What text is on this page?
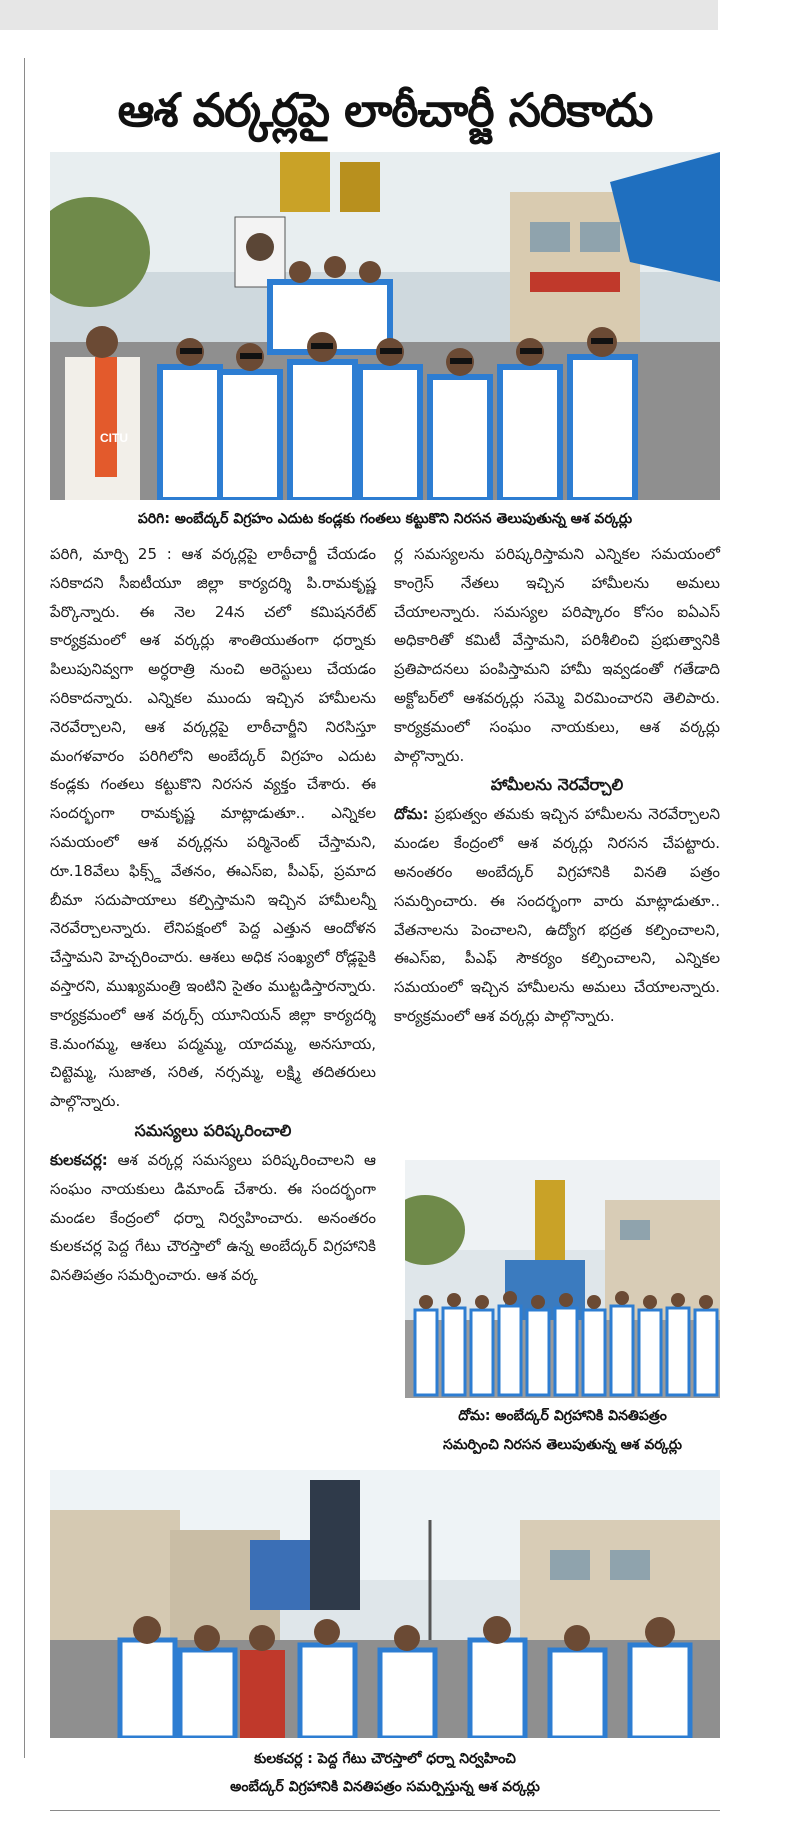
ఆశ వర్కర్లపై లాఠీచార్జీ సరికాదు
CITU
పరిగి: అంబేద్కర్ విగ్రహం ఎదుట కండ్లకు గంతలు కట్టుకొని నిరసన తెలుపుతున్న ఆశ వర్కర్లు

పరిగి, మార్చి 25 : ఆశ వర్కర్లపై లాఠీచార్జీ చేయడం సరికాదని సీఐటీయూ జిల్లా కార్యదర్శి పి.రామకృష్ణ పేర్కొన్నారు. ఈ నెల 24న చలో కమిషనరేట్ కార్యక్రమంలో ఆశ వర్కర్లు శాంతియుతంగా ధర్నాకు పిలుపునివ్వగా అర్ధరాత్రి నుంచి అరెస్టులు చేయడం సరికాదన్నారు. ఎన్నికల ముందు ఇచ్చిన హామీలను నెరవేర్చాలని, ఆశ వర్కర్లపై లాఠీచార్జీని నిరసిస్తూ మంగళవారం పరిగిలోని అంబేద్కర్ విగ్రహం ఎదుట కండ్లకు గంతలు కట్టుకొని నిరసన వ్యక్తం చేశారు. ఈ సందర్భంగా రామకృష్ణ మాట్లాడుతూ.. ఎన్నికల సమయంలో ఆశ వర్కర్లను పర్మినెంట్ చేస్తామని, రూ.18వేలు ఫిక్స్డ్ వేతనం, ఈఎస్ఐ, పీఎఫ్, ప్రమాద బీమా సదుపాయాలు కల్పిస్తామని ఇచ్చిన హామీలన్నీ నెరవేర్చాలన్నారు. లేనిపక్షంలో పెద్ద ఎత్తున ఆందోళన చేస్తామని హెచ్చరించారు. ఆశలు అధిక సంఖ్యలో రోడ్లపైకి వస్తారని, ముఖ్యమంత్రి ఇంటిని సైతం ముట్టడిస్తారన్నారు. కార్యక్రమంలో ఆశ వర్కర్స్ యూనియన్ జిల్లా కార్యదర్శి కె.మంగమ్మ, ఆశలు పద్మమ్మ, యాదమ్మ, అనసూయ, చిట్టెమ్మ, సుజాత, సరిత, నర్సమ్మ, లక్ష్మి తదితరులు పాల్గొన్నారు.

సమస్యలు పరిష్కరించాలి

కులకచర్ల: ఆశ వర్కర్ల సమస్యలు పరిష్కరించాలని ఆ సంఘం నాయకులు డిమాండ్ చేశారు. ఈ సందర్భంగా మండల కేంద్రంలో ధర్నా నిర్వహించారు. అనంతరం కులకచర్ల పెద్ద గేటు చౌరస్తాలో ఉన్న అంబేద్కర్ విగ్రహానికి వినతిపత్రం సమర్పించారు. ఆశ వర్క

ర్ల సమస్యలను పరిష్కరిస్తామని ఎన్నికల సమయంలో కాంగ్రెస్ నేతలు ఇచ్చిన హామీలను అమలు చేయాలన్నారు. సమస్యల పరిష్కారం కోసం ఐఏఎస్ అధికారితో కమిటీ వేస్తామని, పరిశీలించి ప్రభుత్వానికి ప్రతిపాదనలు పంపిస్తామని హామీ ఇవ్వడంతో గతేడాది అక్టోబర్‌లో ఆశవర్కర్లు సమ్మె విరమించారని తెలిపారు. కార్యక్రమంలో సంఘం నాయకులు, ఆశ వర్కర్లు పాల్గొన్నారు.

హామీలను నెరవేర్చాలి

దోమ: ప్రభుత్వం తమకు ఇచ్చిన హామీలను నెరవేర్చాలని మండల కేంద్రంలో ఆశ వర్కర్లు నిరసన చేపట్టారు. అనంతరం అంబేద్కర్ విగ్రహానికి వినతి పత్రం సమర్పించారు. ఈ సందర్భంగా వారు మాట్లాడుతూ.. వేతనాలను పెంచాలని, ఉద్యోగ భద్రత కల్పించాలని, ఈఎస్ఐ, పీఎఫ్ సౌకర్యం కల్పించాలని, ఎన్నికల సమయంలో ఇచ్చిన హామీలను అమలు చేయాలన్నారు. కార్యక్రమంలో ఆశ వర్కర్లు పాల్గొన్నారు.

దోమ: అంబేద్కర్ విగ్రహానికి వినతిపత్రం
సమర్పించి నిరసన తెలుపుతున్న ఆశ వర్కర్లు
కులకచర్ల : పెద్ద గేటు చౌరస్తాలో ధర్నా నిర్వహించి
అంబేద్కర్ విగ్రహానికి వినతిపత్రం సమర్పిస్తున్న ఆశ వర్కర్లు
